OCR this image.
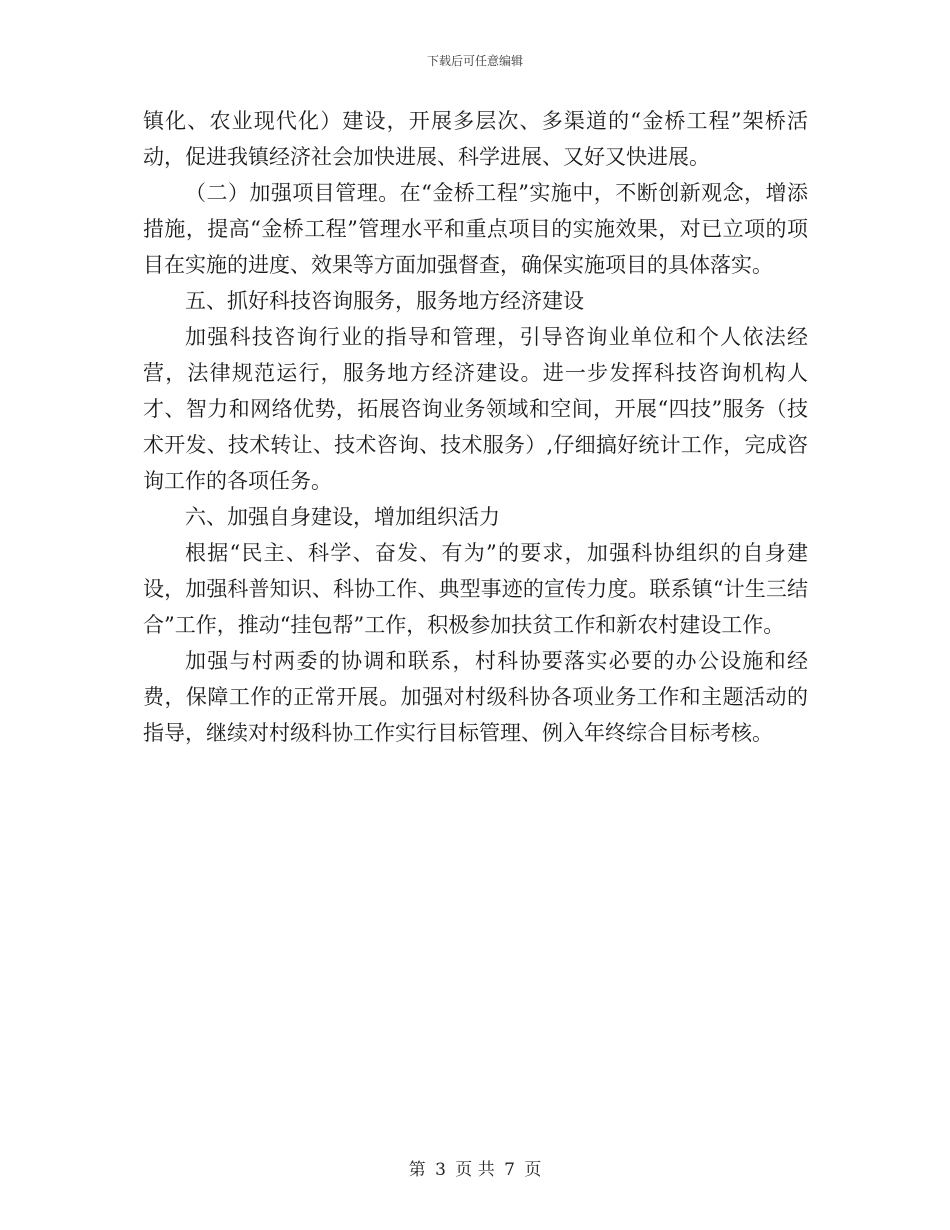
下载后可任意编辑

镇化、农业现代化）建设，开展多层次、多渠道的“金桥工程”架桥活动，促进我镇经济社会加快进展、科学进展、又好又快进展。

（二）加强项目管理。在“金桥工程”实施中，不断创新观念，增添措施，提高“金桥工程”管理水平和重点项目的实施效果，对已立项的项目在实施的进度、效果等方面加强督查，确保实施项目的具体落实。

五、抓好科技咨询服务，服务地方经济建设

加强科技咨询行业的指导和管理，引导咨询业单位和个人依法经营，法律规范运行，服务地方经济建设。进一步发挥科技咨询机构人才、智力和网络优势，拓展咨询业务领域和空间，开展“四技”服务（技术开发、技术转让、技术咨询、技术服务）,仔细搞好统计工作，完成咨询工作的各项任务。

六、加强自身建设，增加组织活力

根据“民主、科学、奋发、有为”的要求，加强科协组织的自身建设，加强科普知识、科协工作、典型事迹的宣传力度。联系镇“计生三结合”工作，推动“挂包帮”工作，积极参加扶贫工作和新农村建设工作。

加强与村两委的协调和联系，村科协要落实必要的办公设施和经费，保障工作的正常开展。加强对村级科协各项业务工作和主题活动的指导，继续对村级科协工作实行目标管理、例入年终综合目标考核。

第 3 页 共 7 页
